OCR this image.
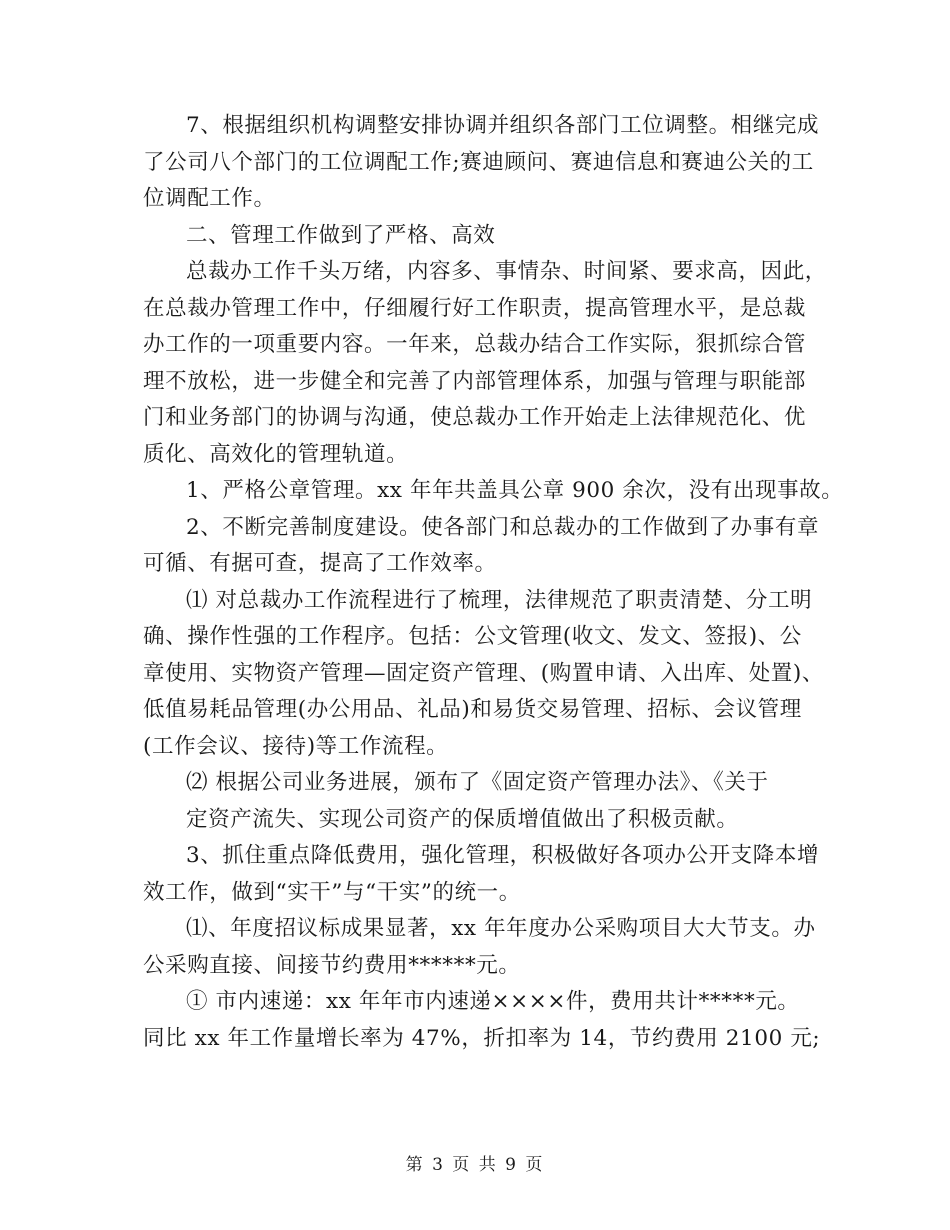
7、根据组织机构调整安排协调并组织各部门工位调整。相继完成
了公司八个部门的工位调配工作;赛迪顾问、赛迪信息和赛迪公关的工
位调配工作。
二、管理工作做到了严格、高效
总裁办工作千头万绪，内容多、事情杂、时间紧、要求高，因此，
在总裁办管理工作中，仔细履行好工作职责，提高管理水平，是总裁
办工作的一项重要内容。一年来，总裁办结合工作实际，狠抓综合管
理不放松，进一步健全和完善了内部管理体系，加强与管理与职能部
门和业务部门的协调与沟通，使总裁办工作开始走上法律规范化、优
质化、高效化的管理轨道。
1、严格公章管理。xx 年年共盖具公章 900 余次，没有出现事故。
2、不断完善制度建设。使各部门和总裁办的工作做到了办事有章
可循、有据可查，提高了工作效率。
⑴ 对总裁办工作流程进行了梳理，法律规范了职责清楚、分工明
确、操作性强的工作程序。包括：公文管理(收文、发文、签报)、公
章使用、实物资产管理—固定资产管理、(购置申请、入出库、处置)、
低值易耗品管理(办公用品、礼品)和易货交易管理、招标、会议管理
(工作会议、接待)等工作流程。
⑵ 根据公司业务进展，颁布了《固定资产管理办法》、《关于
定资产流失、实现公司资产的保质增值做出了积极贡献。
3、抓住重点降低费用，强化管理，积极做好各项办公开支降本增
效工作，做到“实干”与“干实”的统一。
⑴、年度招议标成果显著，xx 年年度办公采购项目大大节支。办
公采购直接、间接节约费用******元。
① 市内速递：xx 年年市内速递××××件，费用共计*****元。
同比 xx 年工作量增长率为 47%，折扣率为 14，节约费用 2100 元;
第 3 页 共 9 页
